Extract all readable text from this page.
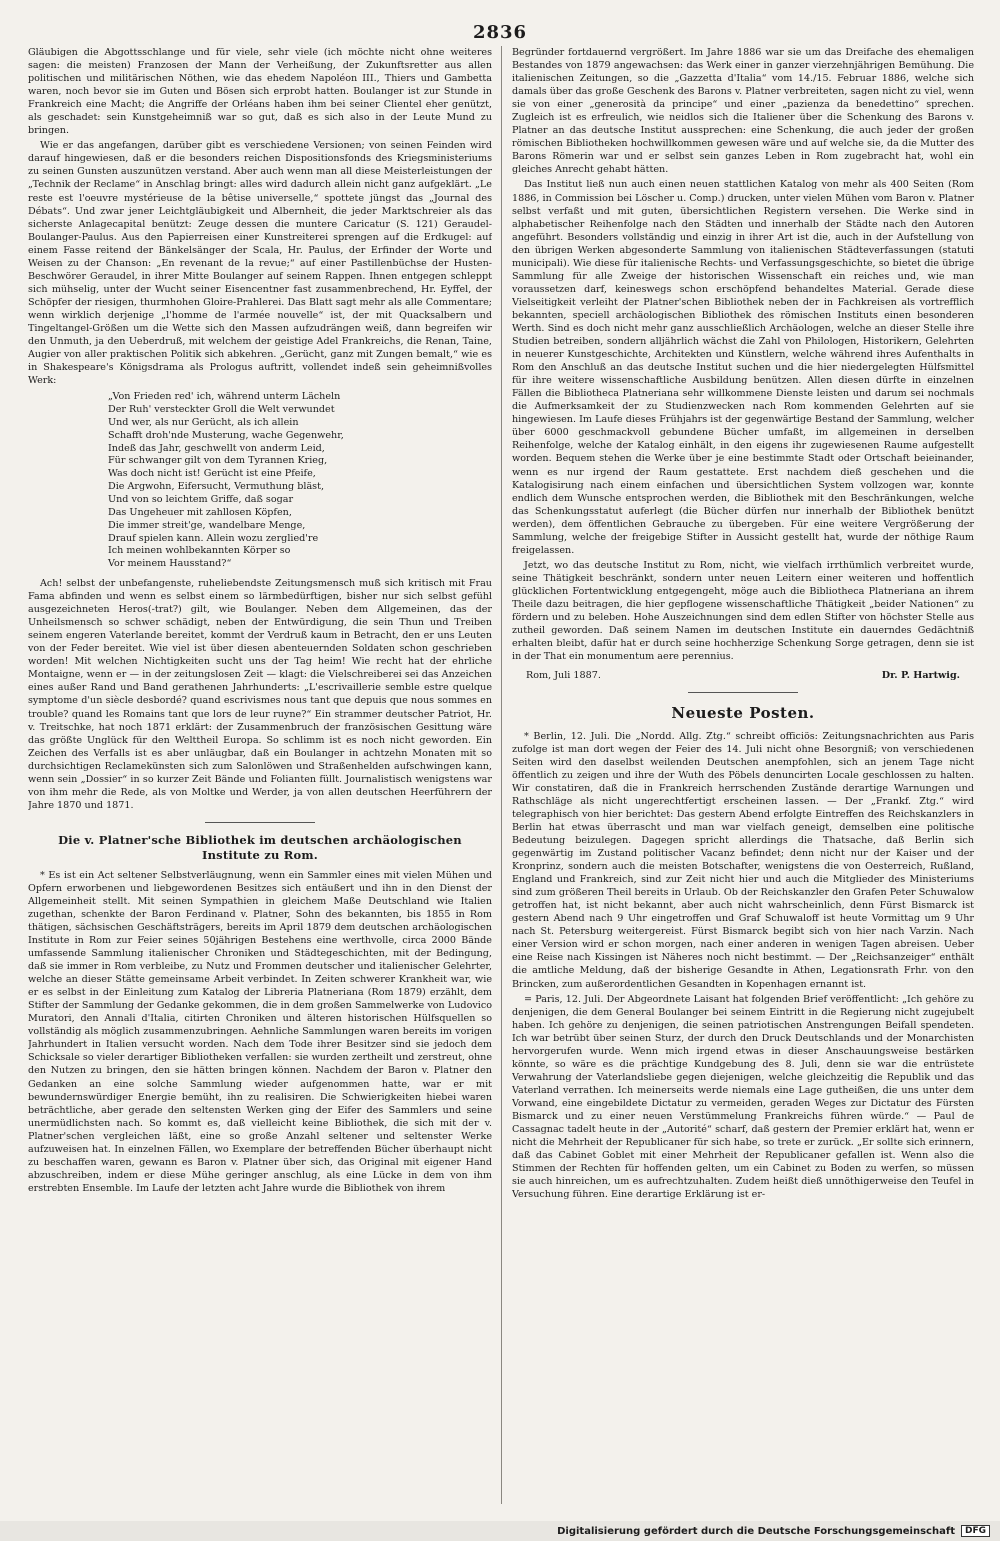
2836

Gläubigen die Abgottsschlange und für viele, sehr viele (ich möchte nicht ohne weiteres sagen: die meisten) Franzosen der Mann der Verheißung, der Zukunftsretter aus allen politischen und militärischen Nöthen, wie das ehedem Napoléon III., Thiers und Gambetta waren, noch bevor sie im Guten und Bösen sich erprobt hatten. Boulanger ist zur Stunde in Frankreich eine Macht; die Angriffe der Orléans haben ihm bei seiner Clientel eher genützt, als geschadet: sein Kunstgeheimniß war so gut, daß es sich also in der Leute Mund zu bringen.

Wie er das angefangen, darüber gibt es verschiedene Versionen; von seinen Feinden wird darauf hingewiesen, daß er die besonders reichen Dispositionsfonds des Kriegsministeriums zu seinen Gunsten auszunützen verstand. Aber auch wenn man all diese Meisterleistungen der „Technik der Reclame“ in Anschlag bringt: alles wird dadurch allein nicht ganz aufgeklärt. „Le reste est l'oeuvre mystérieuse de la bêtise universelle,“ spottete jüngst das „Journal des Débats“. Und zwar jener Leichtgläubigkeit und Albernheit, die jeder Marktschreier als das sicherste Anlagecapital benützt: Zeuge dessen die muntere Caricatur (S. 121) Geraudel-Boulanger-Paulus. Aus den Papierreisen einer Kunstreiterei sprengen auf die Erdkugel: auf einem Fasse reitend der Bänkelsänger der Scala, Hr. Paulus, der Erfinder der Worte und Weisen zu der Chanson: „En revenant de la revue;“ auf einer Pastillenbüchse der Husten-Beschwörer Geraudel, in ihrer Mitte Boulanger auf seinem Rappen. Ihnen entgegen schleppt sich mühselig, unter der Wucht seiner Eisencentner fast zusammenbrechend, Hr. Eyffel, der Schöpfer der riesigen, thurmhohen Gloire-Prahlerei. Das Blatt sagt mehr als alle Commentare; wenn wirklich derjenige „l'homme de l'armée nouvelle“ ist, der mit Quacksalbern und Tingeltangel-Größen um die Wette sich den Massen aufzudrängen weiß, dann begreifen wir den Unmuth, ja den Ueberdruß, mit welchem der geistige Adel Frankreichs, die Renan, Taine, Augier von aller praktischen Politik sich abkehren. „Gerücht, ganz mit Zungen bemalt,“ wie es in Shakespeare's Königsdrama als Prologus auftritt, vollendet indeß sein geheimnißvolles Werk:

„Von Frieden red' ich, während unterm Lächeln
Der Ruh' versteckter Groll die Welt verwundet
Und wer, als nur Gerücht, als ich allein
Schafft droh'nde Musterung, wache Gegenwehr,
Indeß das Jahr, geschwellt von anderm Leid,
Für schwanger gilt von dem Tyrannen Krieg,
Was doch nicht ist! Gerücht ist eine Pfeife,
Die Argwohn, Eifersucht, Vermuthung bläst,
Und von so leichtem Griffe, daß sogar
Das Ungeheuer mit zahllosen Köpfen,
Die immer streit'ge, wandelbare Menge,
Drauf spielen kann. Allein wozu zerglied're
Ich meinen wohlbekannten Körper so
Vor meinem Hausstand?“

Ach! selbst der unbefangenste, ruheliebendste Zeitungsmensch muß sich kritisch mit Frau Fama abfinden und wenn es selbst einem so lärmbedürftigen, bisher nur sich selbst gefühl ausgezeichneten Heros(-trat?) gilt, wie Boulanger. Neben dem Allgemeinen, das der Unheilsmensch so schwer schädigt, neben der Entwürdigung, die sein Thun und Treiben seinem engeren Vaterlande bereitet, kommt der Verdruß kaum in Betracht, den er uns Leuten von der Feder bereitet. Wie viel ist über diesen abenteuernden Soldaten schon geschrieben worden! Mit welchen Nichtigkeiten sucht uns der Tag heim! Wie recht hat der ehrliche Montaigne, wenn er — in der zeitungslosen Zeit — klagt: die Vielschreiberei sei das Anzeichen eines außer Rand und Band gerathenen Jahrhunderts: „L'escrivaillerie semble estre quelque symptome d'un siècle desbordé? quand escrivismes nous tant que depuis que nous sommes en trouble? quand les Romains tant que lors de leur ruyne?“ Ein strammer deutscher Patriot, Hr. v. Treitschke, hat noch 1871 erklärt: der Zusammenbruch der französischen Gesittung wäre das größte Unglück für den Welttheil Europa. So schlimm ist es noch nicht geworden. Ein Zeichen des Verfalls ist es aber unläugbar, daß ein Boulanger in achtzehn Monaten mit so durchsichtigen Reclamekünsten sich zum Salonlöwen und Straßenhelden aufschwingen kann, wenn sein „Dossier“ in so kurzer Zeit Bände und Folianten füllt. Journalistisch wenigstens war von ihm mehr die Rede, als von Moltke und Werder, ja von allen deutschen Heerführern der Jahre 1870 und 1871.

Die v. Platner'sche Bibliothek im deutschen archäologischen Institute zu Rom.

* Es ist ein Act seltener Selbstverläugnung, wenn ein Sammler eines mit vielen Mühen und Opfern erworbenen und liebgewordenen Besitzes sich entäußert und ihn in den Dienst der Allgemeinheit stellt. Mit seinen Sympathien in gleichem Maße Deutschland wie Italien zugethan, schenkte der Baron Ferdinand v. Platner, Sohn des bekannten, bis 1855 in Rom thätigen, sächsischen Geschäftsträgers, bereits im April 1879 dem deutschen archäologischen Institute in Rom zur Feier seines 50jährigen Bestehens eine werthvolle, circa 2000 Bände umfassende Sammlung italienischer Chroniken und Städtegeschichten, mit der Bedingung, daß sie immer in Rom verbleibe, zu Nutz und Frommen deutscher und italienischer Gelehrter, welche an dieser Stätte gemeinsame Arbeit verbindet. In Zeiten schwerer Krankheit war, wie er es selbst in der Einleitung zum Katalog der Libreria Platneriana (Rom 1879) erzählt, dem Stifter der Sammlung der Gedanke gekommen, die in dem großen Sammelwerke von Ludovico Muratori, den Annali d'Italia, citirten Chroniken und älteren historischen Hülfsquellen so vollständig als möglich zusammenzubringen. Aehnliche Sammlungen waren bereits im vorigen Jahrhundert in Italien versucht worden. Nach dem Tode ihrer Besitzer sind sie jedoch dem Schicksale so vieler derartiger Bibliotheken verfallen: sie wurden zertheilt und zerstreut, ohne den Nutzen zu bringen, den sie hätten bringen können. Nachdem der Baron v. Platner den Gedanken an eine solche Sammlung wieder aufgenommen hatte, war er mit bewundernswürdiger Energie bemüht, ihn zu realisiren. Die Schwierigkeiten hiebei waren beträchtliche, aber gerade den seltensten Werken ging der Eifer des Sammlers und seine unermüdlichsten nach. So kommt es, daß vielleicht keine Bibliothek, die sich mit der v. Platner'schen vergleichen läßt, eine so große Anzahl seltener und seltenster Werke aufzuweisen hat. In einzelnen Fällen, wo Exemplare der betreffenden Bücher überhaupt nicht zu beschaffen waren, gewann es Baron v. Platner über sich, das Original mit eigener Hand abzuschreiben, indem er diese Mühe geringer anschlug, als eine Lücke in dem von ihm erstrebten Ensemble. Im Laufe der letzten acht Jahre wurde die Bibliothek von ihrem

Begründer fortdauernd vergrößert. Im Jahre 1886 war sie um das Dreifache des ehemaligen Bestandes von 1879 angewachsen: das Werk einer in ganzer vierzehnjährigen Bemühung. Die italienischen Zeitungen, so die „Gazzetta d'Italia“ vom 14./15. Februar 1886, welche sich damals über das große Geschenk des Barons v. Platner verbreiteten, sagen nicht zu viel, wenn sie von einer „generosità da principe“ und einer „pazienza da benedettino“ sprechen. Zugleich ist es erfreulich, wie neidlos sich die Italiener über die Schenkung des Barons v. Platner an das deutsche Institut aussprechen: eine Schenkung, die auch jeder der großen römischen Bibliotheken hochwillkommen gewesen wäre und auf welche sie, da die Mutter des Barons Römerin war und er selbst sein ganzes Leben in Rom zugebracht hat, wohl ein gleiches Anrecht gehabt hätten.

Das Institut ließ nun auch einen neuen stattlichen Katalog von mehr als 400 Seiten (Rom 1886, in Commission bei Löscher u. Comp.) drucken, unter vielen Mühen vom Baron v. Platner selbst verfaßt und mit guten, übersichtlichen Registern versehen. Die Werke sind in alphabetischer Reihenfolge nach den Städten und innerhalb der Städte nach den Autoren angeführt. Besonders vollständig und einzig in ihrer Art ist die, auch in der Aufstellung von den übrigen Werken abgesonderte Sammlung von italienischen Städteverfassungen (statuti municipali). Wie diese für italienische Rechts- und Verfassungsgeschichte, so bietet die übrige Sammlung für alle Zweige der historischen Wissenschaft ein reiches und, wie man voraussetzen darf, keineswegs schon erschöpfend behandeltes Material. Gerade diese Vielseitigkeit verleiht der Platner'schen Bibliothek neben der in Fachkreisen als vortrefflich bekannten, speciell archäologischen Bibliothek des römischen Instituts einen besonderen Werth. Sind es doch nicht mehr ganz ausschließlich Archäologen, welche an dieser Stelle ihre Studien betreiben, sondern alljährlich wächst die Zahl von Philologen, Historikern, Gelehrten in neuerer Kunstgeschichte, Architekten und Künstlern, welche während ihres Aufenthalts in Rom den Anschluß an das deutsche Institut suchen und die hier niedergelegten Hülfsmittel für ihre weitere wissenschaftliche Ausbildung benützen. Allen diesen dürfte in einzelnen Fällen die Bibliotheca Platneriana sehr willkommene Dienste leisten und darum sei nochmals die Aufmerksamkeit der zu Studienzwecken nach Rom kommenden Gelehrten auf sie hingewiesen. Im Laufe dieses Frühjahrs ist der gegenwärtige Bestand der Sammlung, welcher über 6000 geschmackvoll gebundene Bücher umfaßt, im allgemeinen in derselben Reihenfolge, welche der Katalog einhält, in den eigens ihr zugewiesenen Raume aufgestellt worden. Bequem stehen die Werke über je eine bestimmte Stadt oder Ortschaft beieinander, wenn es nur irgend der Raum gestattete. Erst nachdem dieß geschehen und die Katalogisirung nach einem einfachen und übersichtlichen System vollzogen war, konnte endlich dem Wunsche entsprochen werden, die Bibliothek mit den Beschränkungen, welche das Schenkungsstatut auferlegt (die Bücher dürfen nur innerhalb der Bibliothek benützt werden), dem öffentlichen Gebrauche zu übergeben. Für eine weitere Vergrößerung der Sammlung, welche der freigebige Stifter in Aussicht gestellt hat, wurde der nöthige Raum freigelassen.

Jetzt, wo das deutsche Institut zu Rom, nicht, wie vielfach irrthümlich verbreitet wurde, seine Thätigkeit beschränkt, sondern unter neuen Leitern einer weiteren und hoffentlich glücklichen Fortentwicklung entgegengeht, möge auch die Bibliotheca Platneriana an ihrem Theile dazu beitragen, die hier gepflogene wissenschaftliche Thätigkeit „beider Nationen“ zu fördern und zu beleben. Hohe Auszeichnungen sind dem edlen Stifter von höchster Stelle aus zutheil geworden. Daß seinem Namen im deutschen Institute ein dauerndes Gedächtniß erhalten bleibt, dafür hat er durch seine hochherzige Schenkung Sorge getragen, denn sie ist in der That ein monumentum aere perennius.

Rom, Juli 1887.	Dr. P. Hartwig.
Neueste Posten.

* Berlin, 12. Juli. Die „Nordd. Allg. Ztg.“ schreibt officiös: Zeitungsnachrichten aus Paris zufolge ist man dort wegen der Feier des 14. Juli nicht ohne Besorgniß; von verschiedenen Seiten wird den daselbst weilenden Deutschen anempfohlen, sich an jenem Tage nicht öffentlich zu zeigen und ihre der Wuth des Pöbels denuncirten Locale geschlossen zu halten. Wir constatiren, daß die in Frankreich herrschenden Zustände derartige Warnungen und Rathschläge als nicht ungerechtfertigt erscheinen lassen. — Der „Frankf. Ztg.“ wird telegraphisch von hier berichtet: Das gestern Abend erfolgte Eintreffen des Reichskanzlers in Berlin hat etwas überrascht und man war vielfach geneigt, demselben eine politische Bedeutung beizulegen. Dagegen spricht allerdings die Thatsache, daß Berlin sich gegenwärtig im Zustand politischer Vacanz befindet; denn nicht nur der Kaiser und der Kronprinz, sondern auch die meisten Botschafter, wenigstens die von Oesterreich, Rußland, England und Frankreich, sind zur Zeit nicht hier und auch die Mitglieder des Ministeriums sind zum größeren Theil bereits in Urlaub. Ob der Reichskanzler den Grafen Peter Schuwalow getroffen hat, ist nicht bekannt, aber auch nicht wahrscheinlich, denn Fürst Bismarck ist gestern Abend nach 9 Uhr eingetroffen und Graf Schuwaloff ist heute Vormittag um 9 Uhr nach St. Petersburg weitergereist. Fürst Bismarck begibt sich von hier nach Varzin. Nach einer Version wird er schon morgen, nach einer anderen in wenigen Tagen abreisen. Ueber eine Reise nach Kissingen ist Näheres noch nicht bestimmt. — Der „Reichsanzeiger“ enthält die amtliche Meldung, daß der bisherige Gesandte in Athen, Legationsrath Frhr. von den Brincken, zum außerordentlichen Gesandten in Kopenhagen ernannt ist.

= Paris, 12. Juli. Der Abgeordnete Laisant hat folgenden Brief veröffentlicht: „Ich gehöre zu denjenigen, die dem General Boulanger bei seinem Eintritt in die Regierung nicht zugejubelt haben. Ich gehöre zu denjenigen, die seinen patriotischen Anstrengungen Beifall spendeten. Ich war betrübt über seinen Sturz, der durch den Druck Deutschlands und der Monarchisten hervorgerufen wurde. Wenn mich irgend etwas in dieser Anschauungsweise bestärken könnte, so wäre es die prächtige Kundgebung des 8. Juli, denn sie war die entrüstete Verwahrung der Vaterlandsliebe gegen diejenigen, welche gleichzeitig die Republik und das Vaterland verrathen. Ich meinerseits werde niemals eine Lage gutheißen, die uns unter dem Vorwand, eine eingebildete Dictatur zu vermeiden, geraden Weges zur Dictatur des Fürsten Bismarck und zu einer neuen Verstümmelung Frankreichs führen würde.“ — Paul de Cassagnac tadelt heute in der „Autorité“ scharf, daß gestern der Premier erklärt hat, wenn er nicht die Mehrheit der Republicaner für sich habe, so trete er zurück. „Er sollte sich erinnern, daß das Cabinet Goblet mit einer Mehrheit der Republicaner gefallen ist. Wenn also die Stimmen der Rechten für hoffenden gelten, um ein Cabinet zu Boden zu werfen, so müssen sie auch hinreichen, um es aufrechtzuhalten. Zudem heißt dieß unnöthigerweise den Teufel in Versuchung führen. Eine derartige Erklärung ist er-

Digitalisierung gefördert durch die Deutsche Forschungsgemeinschaft	DFG
